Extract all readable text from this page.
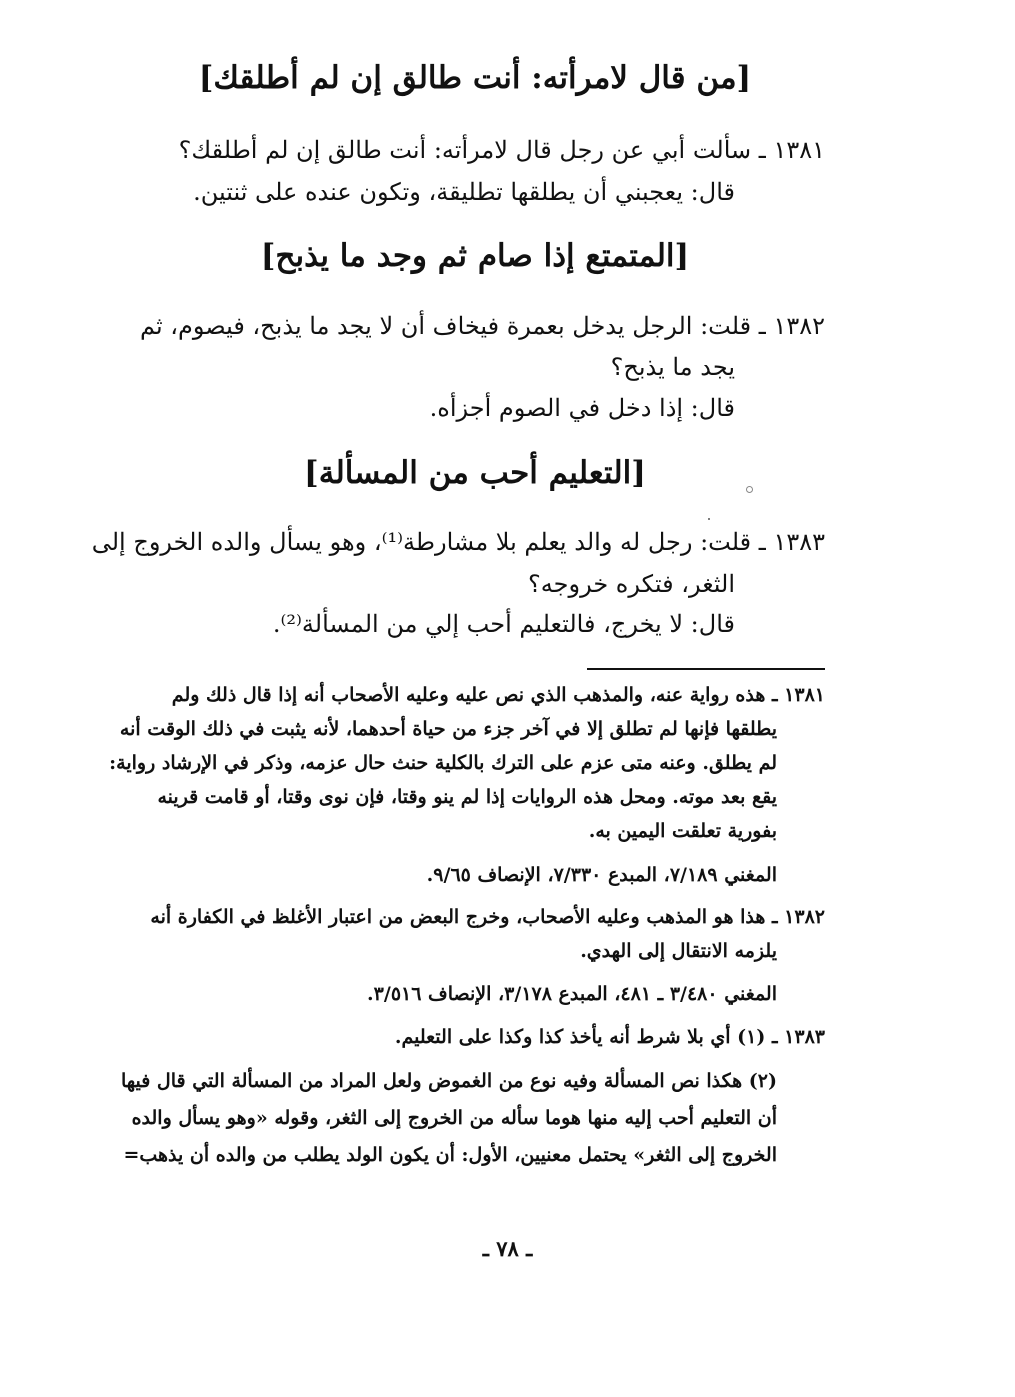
[من قال لامرأته: أنت طالق إن لم أطلقك]
١٣٨١ ـ سألت أبي عن رجل قال لامرأته: أنت طالق إن لم أطلقك؟
قال: يعجبني أن يطلقها تطليقة، وتكون عنده على ثنتين.
[المتمتع إذا صام ثم وجد ما يذبح]
١٣٨٢ ـ قلت: الرجل يدخل بعمرة فيخاف أن لا يجد ما يذبح، فيصوم، ثم
يجد ما يذبح؟
قال: إذا دخل في الصوم أجزأه.
[التعليم أحب من المسألة]
١٣٨٣ ـ قلت: رجل له والد يعلم بلا مشارطة⁽¹⁾، وهو يسأل والده الخروج إلى
الثغر، فتكره خروجه؟
قال: لا يخرج، فالتعليم أحب إلي من المسألة⁽²⁾.
١٣٨١ ـ هذه رواية عنه، والمذهب الذي نص عليه وعليه الأصحاب أنه إذا قال ذلك ولم
يطلقها فإنها لم تطلق إلا في آخر جزء من حياة أحدهما، لأنه يثبت في ذلك الوقت أنه
لم يطلق. وعنه متى عزم على الترك بالكلية حنث حال عزمه، وذكر في الإرشاد رواية:
يقع بعد موته. ومحل هذه الروايات إذا لم ينو وقتا، فإن نوى وقتا، أو قامت قرينه
بفورية تعلقت اليمين به.
المغني ٧/١٨٩، المبدع ٧/٣٣٠، الإنصاف ٩/٦٥.
١٣٨٢ ـ هذا هو المذهب وعليه الأصحاب، وخرج البعض من اعتبار الأغلظ في الكفارة أنه
يلزمه الانتقال إلى الهدي.
المغني ٣/٤٨٠ ـ ٤٨١، المبدع ٣/١٧٨، الإنصاف ٣/٥١٦.
١٣٨٣ ـ (١) أي بلا شرط أنه يأخذ كذا وكذا على التعليم.
(٢) هكذا نص المسألة وفيه نوع من الغموض ولعل المراد من المسألة التي قال فيها
أن التعليم أحب إليه منها هوما سأله من الخروج إلى الثغر، وقوله «وهو يسأل والده
الخروج إلى الثغر» يحتمل معنيين، الأول: أن يكون الولد يطلب من والده أن يذهب=
ـ ٧٨ ـ
